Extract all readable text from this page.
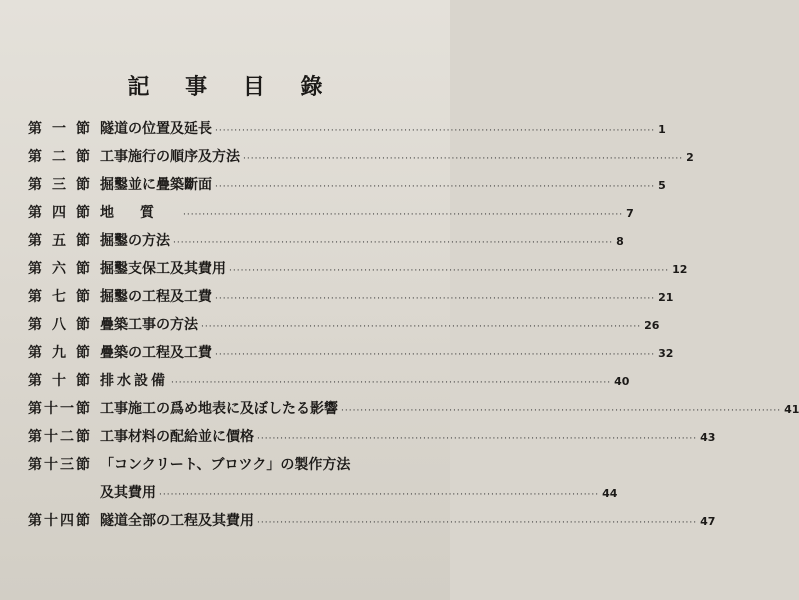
記 事 目 錄
第 一 節 隧道の位置及延長 ·····	1
第 二 節 工事施行の順序及方法 ·····	2
第 三 節 掘鑿並に疊築斷面 ·····	5
第 四 節 地質 ·····	7
第 五 節 掘鑿の方法 ·····	8
第 六 節 掘鑿支保工及其費用 ·····	12
第 七 節 掘鑿の工程及工費 ·····	21
第 八 節 疊築工事の方法 ·····	26
第 九 節 疊築の工程及工費 ·····	32
第 十 節 排水設備 ·····	40
第 十 一 節 工事施工の爲め地表に及ぼしたる影響 ·····	41
第 十 二 節 工事材料の配給並に價格 ·····	43
第 十 三 節 「コンクリート、ブロツク」の製作方法
及其費用 ·····	44
第 十 四 節 隧道全部の工程及其費用 ·····	47
